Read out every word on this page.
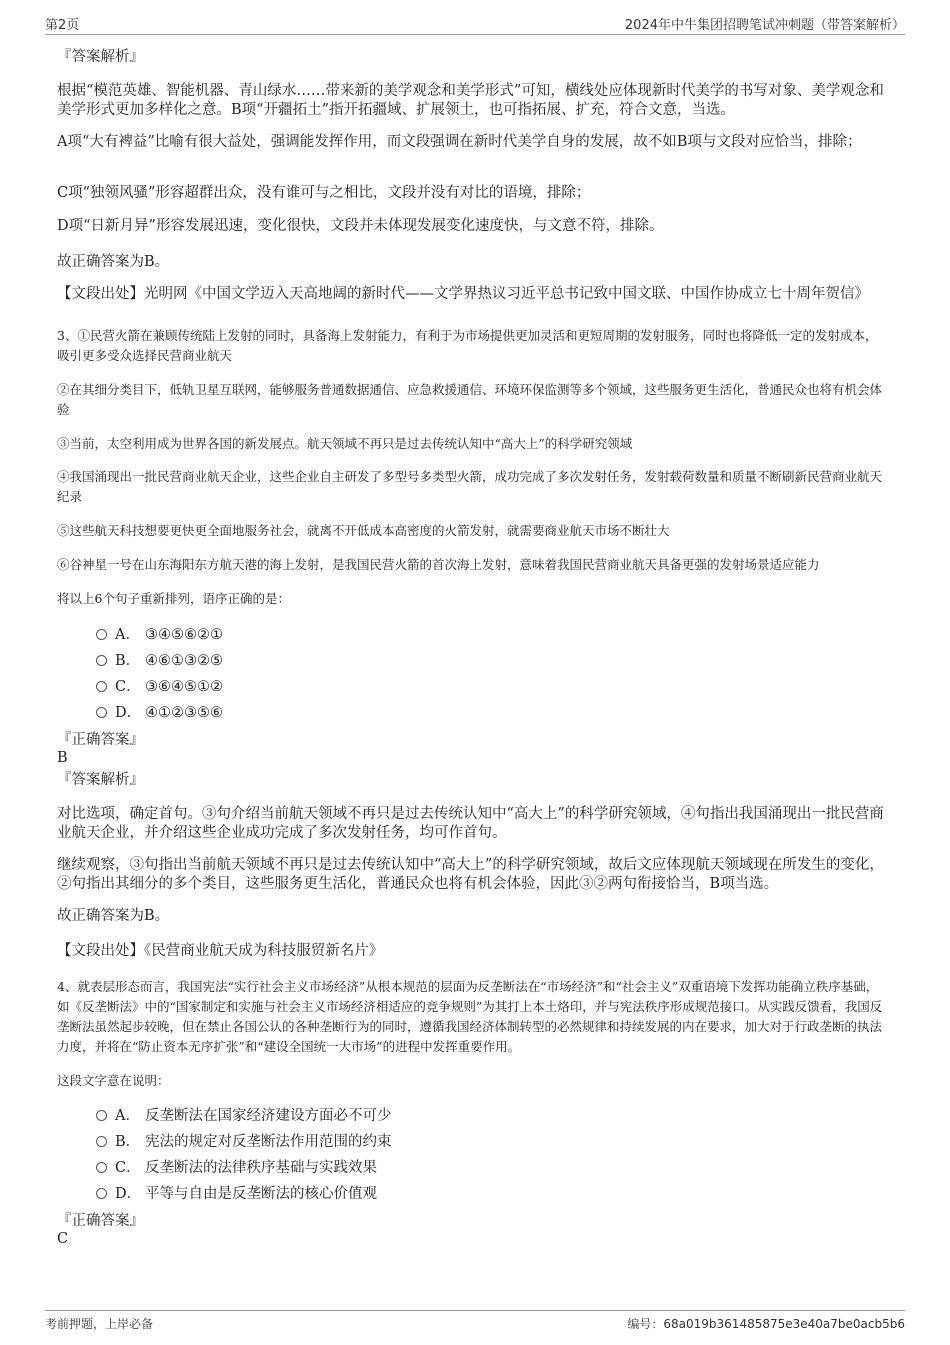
第2页	2024年中牛集团招聘笔试冲刺题（带答案解析）

『答案解析』

根据“模范英雄、智能机器、青山绿水……带来新的美学观念和美学形式”可知，横线处应体现新时代美学的书写对象、美学观念和美学形式更加多样化之意。B项“开疆拓土”指开拓疆域、扩展领土，也可指拓展、扩充，符合文意，当选。

A项“大有裨益”比喻有很大益处，强调能发挥作用，而文段强调在新时代美学自身的发展，故不如B项与文段对应恰当，排除；

C项“独领风骚”形容超群出众，没有谁可与之相比，文段并没有对比的语境，排除；

D项“日新月异”形容发展迅速，变化很快，文段并未体现发展变化速度快，与文意不符，排除。

故正确答案为B。

【文段出处】光明网《中国文学迈入天高地阔的新时代——文学界热议习近平总书记致中国文联、中国作协成立七十周年贺信》

3、①民营火箭在兼顾传统陆上发射的同时，具备海上发射能力，有利于为市场提供更加灵活和更短周期的发射服务，同时也将降低一定的发射成本，吸引更多受众选择民营商业航天

②在其细分类目下，低轨卫星互联网，能够服务普通数据通信、应急救援通信、环境环保监测等多个领域，这些服务更生活化，普通民众也将有机会体验

③当前，太空利用成为世界各国的新发展点。航天领域不再只是过去传统认知中“高大上”的科学研究领域

④我国涌现出一批民营商业航天企业，这些企业自主研发了多型号多类型火箭，成功完成了多次发射任务，发射载荷数量和质量不断刷新民营商业航天纪录

⑤这些航天科技想要更快更全面地服务社会，就离不开低成本高密度的火箭发射，就需要商业航天市场不断壮大

⑥谷神星一号在山东海阳东方航天港的海上发射，是我国民营火箭的首次海上发射，意味着我国民营商业航天具备更强的发射场景适应能力

将以上6个句子重新排列，语序正确的是：

A． ③④⑤⑥②①
B． ④⑥①③②⑤
C． ③⑥④⑤①②
D． ④①②③⑤⑥

『正确答案』

B

『答案解析』

对比选项，确定首句。③句介绍当前航天领域不再只是过去传统认知中“高大上”的科学研究领域，④句指出我国涌现出一批民营商业航天企业，并介绍这些企业成功完成了多次发射任务，均可作首句。

继续观察，③句指出当前航天领域不再只是过去传统认知中“高大上”的科学研究领域，故后文应体现航天领域现在所发生的变化，②句指出其细分的多个类目，这些服务更生活化，普通民众也将有机会体验，因此③②两句衔接恰当，B项当选。

故正确答案为B。

【文段出处】《民营商业航天成为科技服贸新名片》

4、就表层形态而言，我国宪法“实行社会主义市场经济”从根本规范的层面为反垄断法在“市场经济”和“社会主义”双重语境下发挥功能确立秩序基础，如《反垄断法》中的“国家制定和实施与社会主义市场经济相适应的竞争规则”为其打上本土烙印，并与宪法秩序形成规范接口。从实践反馈看，我国反垄断法虽然起步较晚，但在禁止各国公认的各种垄断行为的同时，遵循我国经济体制转型的必然规律和持续发展的内在要求，加大对于行政垄断的执法力度，并将在“防止资本无序扩张”和“建设全国统一大市场”的进程中发挥重要作用。

这段文字意在说明：

A． 反垄断法在国家经济建设方面必不可少
B． 宪法的规定对反垄断法作用范围的约束
C． 反垄断法的法律秩序基础与实践效果
D． 平等与自由是反垄断法的核心价值观

『正确答案』

C

考前押题，上岸必备	编号：68a019b361485875e3e40a7be0acb5b6
